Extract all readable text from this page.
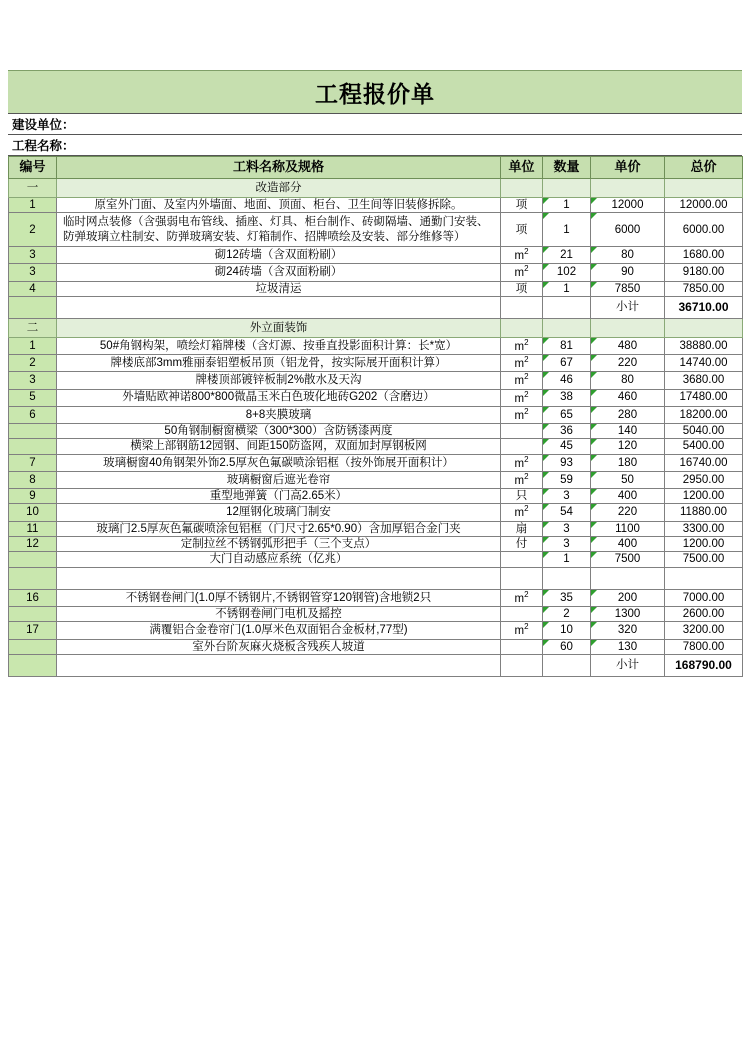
工程报价单
建设单位：
工程名称：
编号	工料名称及规格	单位	数量	单价	总价
一	改造部分				
1	原室外门面、及室内外墙面、地面、顶面、柜台、卫生间等旧装修拆除。	项	1	12000	12000.00
2	临时网点装修（含强弱电布管线、插座、灯具、柜台制作、砖砌隔墙、通勤门安装、防弹玻璃立柱制安、防弹玻璃安装、灯箱制作、招牌喷绘及安装、部分维修等）	项	1	6000	6000.00
3	砌12砖墙（含双面粉刷）	$m^2$	21	80	1680.00
3	砌24砖墙（含双面粉刷）	$m^2$	102	90	9180.00
4	垃圾清运	项	1	7850	7850.00
				小计	36710.00
二	外立面装饰				
1	50#角钢构架，喷绘灯箱牌楼（含灯源、按垂直投影面积计算：长*宽）	$m^2$	81	480	38880.00
2	牌楼底部3mm雅丽泰铝塑板吊顶（铝龙骨，按实际展开面积计算）	$m^2$	67	220	14740.00
3	牌楼顶部镀锌板制2%散水及天沟	$m^2$	46	80	3680.00
5	外墙贴欧神诺800*800微晶玉米白色玻化地砖G202（含磨边）	$m^2$	38	460	17480.00
6	8+8夹膜玻璃	$m^2$	65	280	18200.00
	50角钢制橱窗横梁（300*300）含防锈漆两度		36	140	5040.00
	横梁上部钢筋12园钢、间距150防盗网，双面加封厚钢板网		45	120	5400.00
7	玻璃橱窗40角钢架外饰2.5厚灰色氟碳喷涂铝框（按外饰展开面积计）	$m^2$	93	180	16740.00
8	玻璃橱窗后遮光卷帘	$m^2$	59	50	2950.00
9	重型地弹簧（门高2.65米）	只	3	400	1200.00
10	12厘钢化玻璃门制安	$m^2$	54	220	11880.00
11	玻璃门2.5厚灰色氟碳喷涂包铝框（门尺寸2.65*0.90）含加厚铝合金门夹	扇	3	1100	3300.00
12	定制拉丝不锈钢弧形把手（三个支点）	付	3	400	1200.00
	大门自动感应系统（亿兆）		1	7500	7500.00

16	不锈钢卷闸门(1.0厚不锈钢片,不锈钢管穿120钢管)含地锁2只	$m^2$	35	200	7000.00
	不锈钢卷闸门电机及摇控		2	1300	2600.00
17	满覆铝合金卷帘门(1.0厚米色双面铝合金板材,77型)	$m^2$	10	320	3200.00
	室外台阶灰麻火烧板含残疾人坡道		60	130	7800.00
				小计	168790.00
